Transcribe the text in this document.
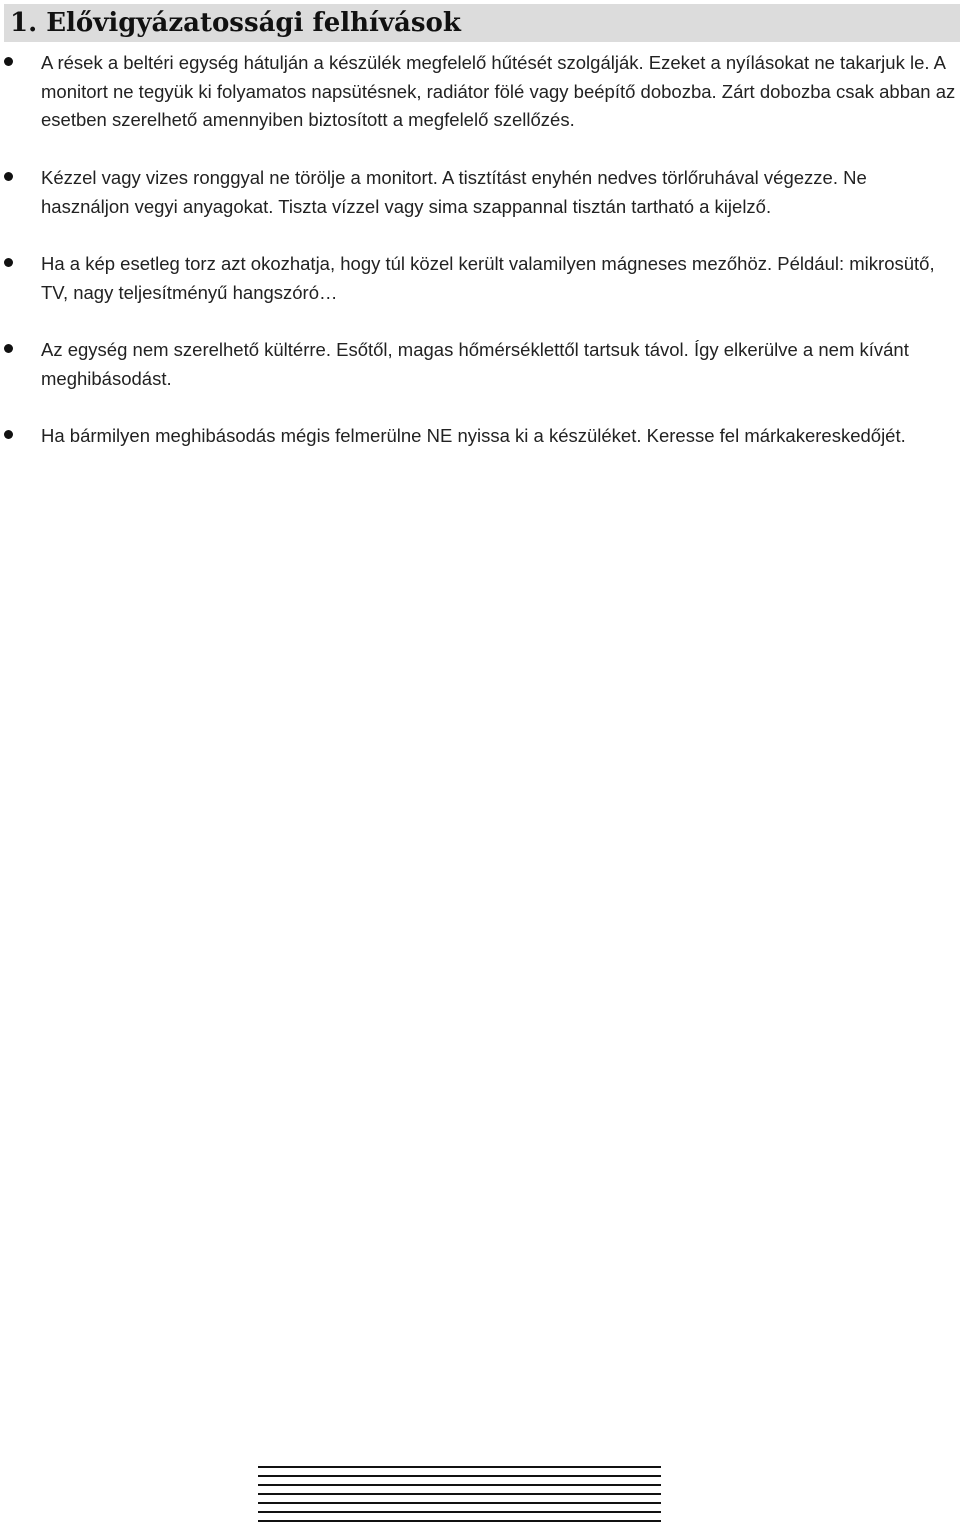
1. Elővigyázatossági felhívások

A rések a beltéri egység hátulján a készülék megfelelő hűtését szolgálják. Ezeket a nyílásokat ne takarjuk le. A monitort ne tegyük ki folyamatos napsütésnek, radiátor fölé vagy beépítő dobozba. Zárt dobozba csak abban az esetben szerelhető amennyiben biztosított a megfelelő szellőzés.

Kézzel vagy vizes ronggyal ne törölje a monitort. A tisztítást enyhén nedves törlőruhával végezze. Ne használjon vegyi anyagokat. Tiszta vízzel vagy sima szappannal tisztán tartható a kijelző.

Ha a kép esetleg torz azt okozhatja, hogy túl közel került valamilyen mágneses mezőhöz. Például: mikrosütő, TV, nagy teljesítményű hangszóró…

Az egység nem szerelhető kültérre. Esőtől, magas hőmérséklettől tartsuk távol. Így elkerülve a nem kívánt meghibásodást.

Ha bármilyen meghibásodás mégis felmerülne NE nyissa ki a készüléket. Keresse fel márkakereskedőjét.
